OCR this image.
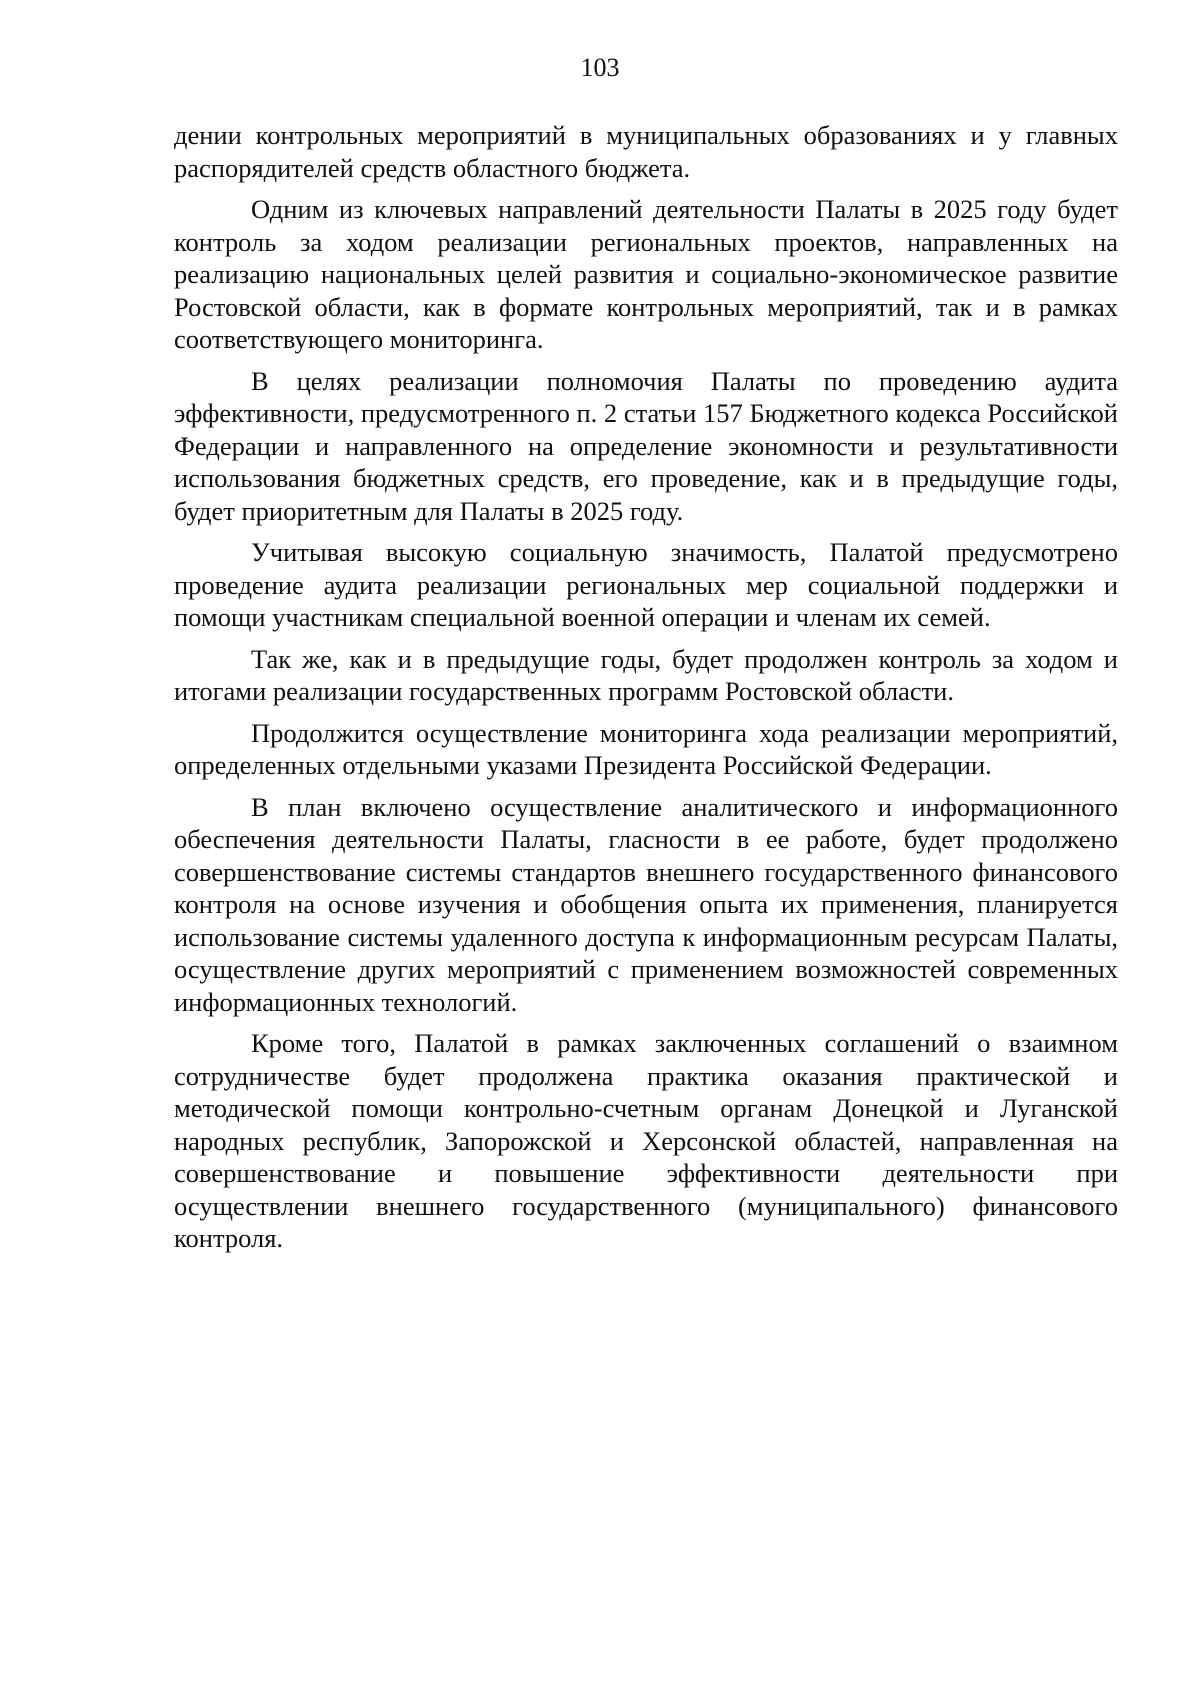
103

дении контрольных мероприятий в муниципальных образованиях и у главных распорядителей средств областного бюджета.

Одним из ключевых направлений деятельности Палаты в 2025 году будет контроль за ходом реализации региональных проектов, направленных на реализацию национальных целей развития и социально-экономическое развитие Ростовской области, как в формате контрольных мероприятий, так и в рамках соответствующего мониторинга.

В целях реализации полномочия Палаты по проведению аудита эффективности, предусмотренного п. 2 статьи 157 Бюджетного кодекса Российской Федерации и направленного на определение экономности и результативности использования бюджетных средств, его проведение, как и в предыдущие годы, будет приоритетным для Палаты в 2025 году.

Учитывая высокую социальную значимость, Палатой предусмотрено проведение аудита реализации региональных мер социальной поддержки и помощи участникам специальной военной операции и членам их семей.

Так же, как и в предыдущие годы, будет продолжен контроль за ходом и итогами реализации государственных программ Ростовской области.

Продолжится осуществление мониторинга хода реализации мероприятий, определенных отдельными указами Президента Российской Федерации.

В план включено осуществление аналитического и информационного обеспечения деятельности Палаты, гласности в ее работе, будет продолжено совершенствование системы стандартов внешнего государственного финансового контроля на основе изучения и обобщения опыта их применения, планируется использование системы удаленного доступа к информационным ресурсам Палаты, осуществление других мероприятий с применением возможностей современных информационных технологий.

Кроме того, Палатой в рамках заключенных соглашений о взаимном сотрудничестве будет продолжена практика оказания практической и методической помощи контрольно-счетным органам Донецкой и Луганской народных республик, Запорожской и Херсонской областей, направленная на совершенствование и повышение эффективности деятельности при осуществлении внешнего государственного (муниципального) финансового контроля.
